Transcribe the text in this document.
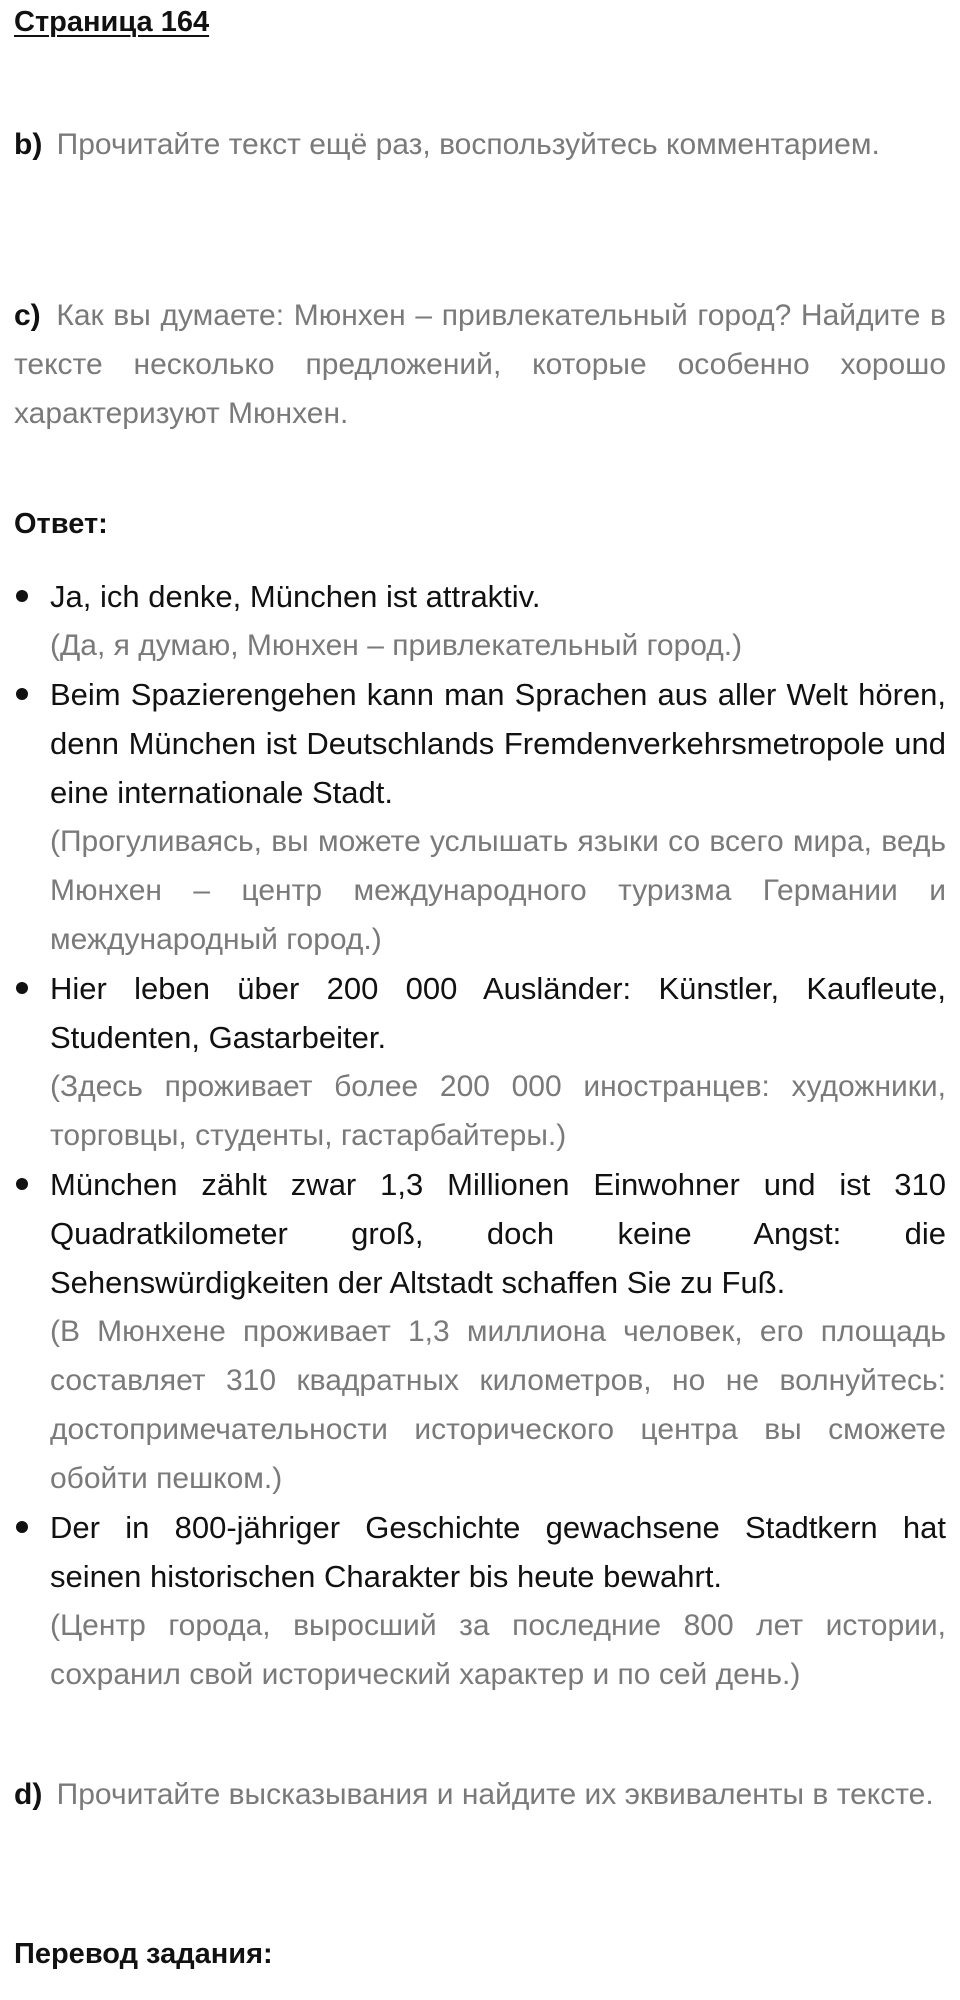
Страница 164
b) Прочитайте текст ещё раз, воспользуйтесь комментарием.
c) Как вы думаете: Мюнхен – привлекательный город? Найдите в тексте несколько предложений, которые особенно хорошо характеризуют Мюнхен.
Ответ:
Ja, ich denke, München ist attraktiv.
(Да, я думаю, Мюнхен – привлекательный город.)
Beim Spazierengehen kann man Sprachen aus aller Welt hören, denn München ist Deutschlands Fremdenverkehrsmetropole und eine internationale Stadt.
(Прогуливаясь, вы можете услышать языки со всего мира, ведь Мюнхен – центр международного туризма Германии и международный город.)
Hier leben über 200 000 Ausländer: Künstler, Kaufleute, Studenten, Gastarbeiter.
(Здесь проживает более 200 000 иностранцев: художники, торговцы, студенты, гастарбайтеры.)
München zählt zwar 1,3 Millionen Einwohner und ist 310 Quadratkilometer groß, doch keine Angst: die Sehenswürdigkeiten der Altstadt schaffen Sie zu Fuß.
(В Мюнхене проживает 1,3 миллиона человек, его площадь составляет 310 квадратных километров, но не волнуйтесь: достопримечательности исторического центра вы сможете обойти пешком.)
Der in 800-jähriger Geschichte gewachsene Stadtkern hat seinen historischen Charakter bis heute bewahrt.
(Центр города, выросший за последние 800 лет истории, сохранил свой исторический характер и по сей день.)
d) Прочитайте высказывания и найдите их эквиваленты в тексте.
Перевод задания:
